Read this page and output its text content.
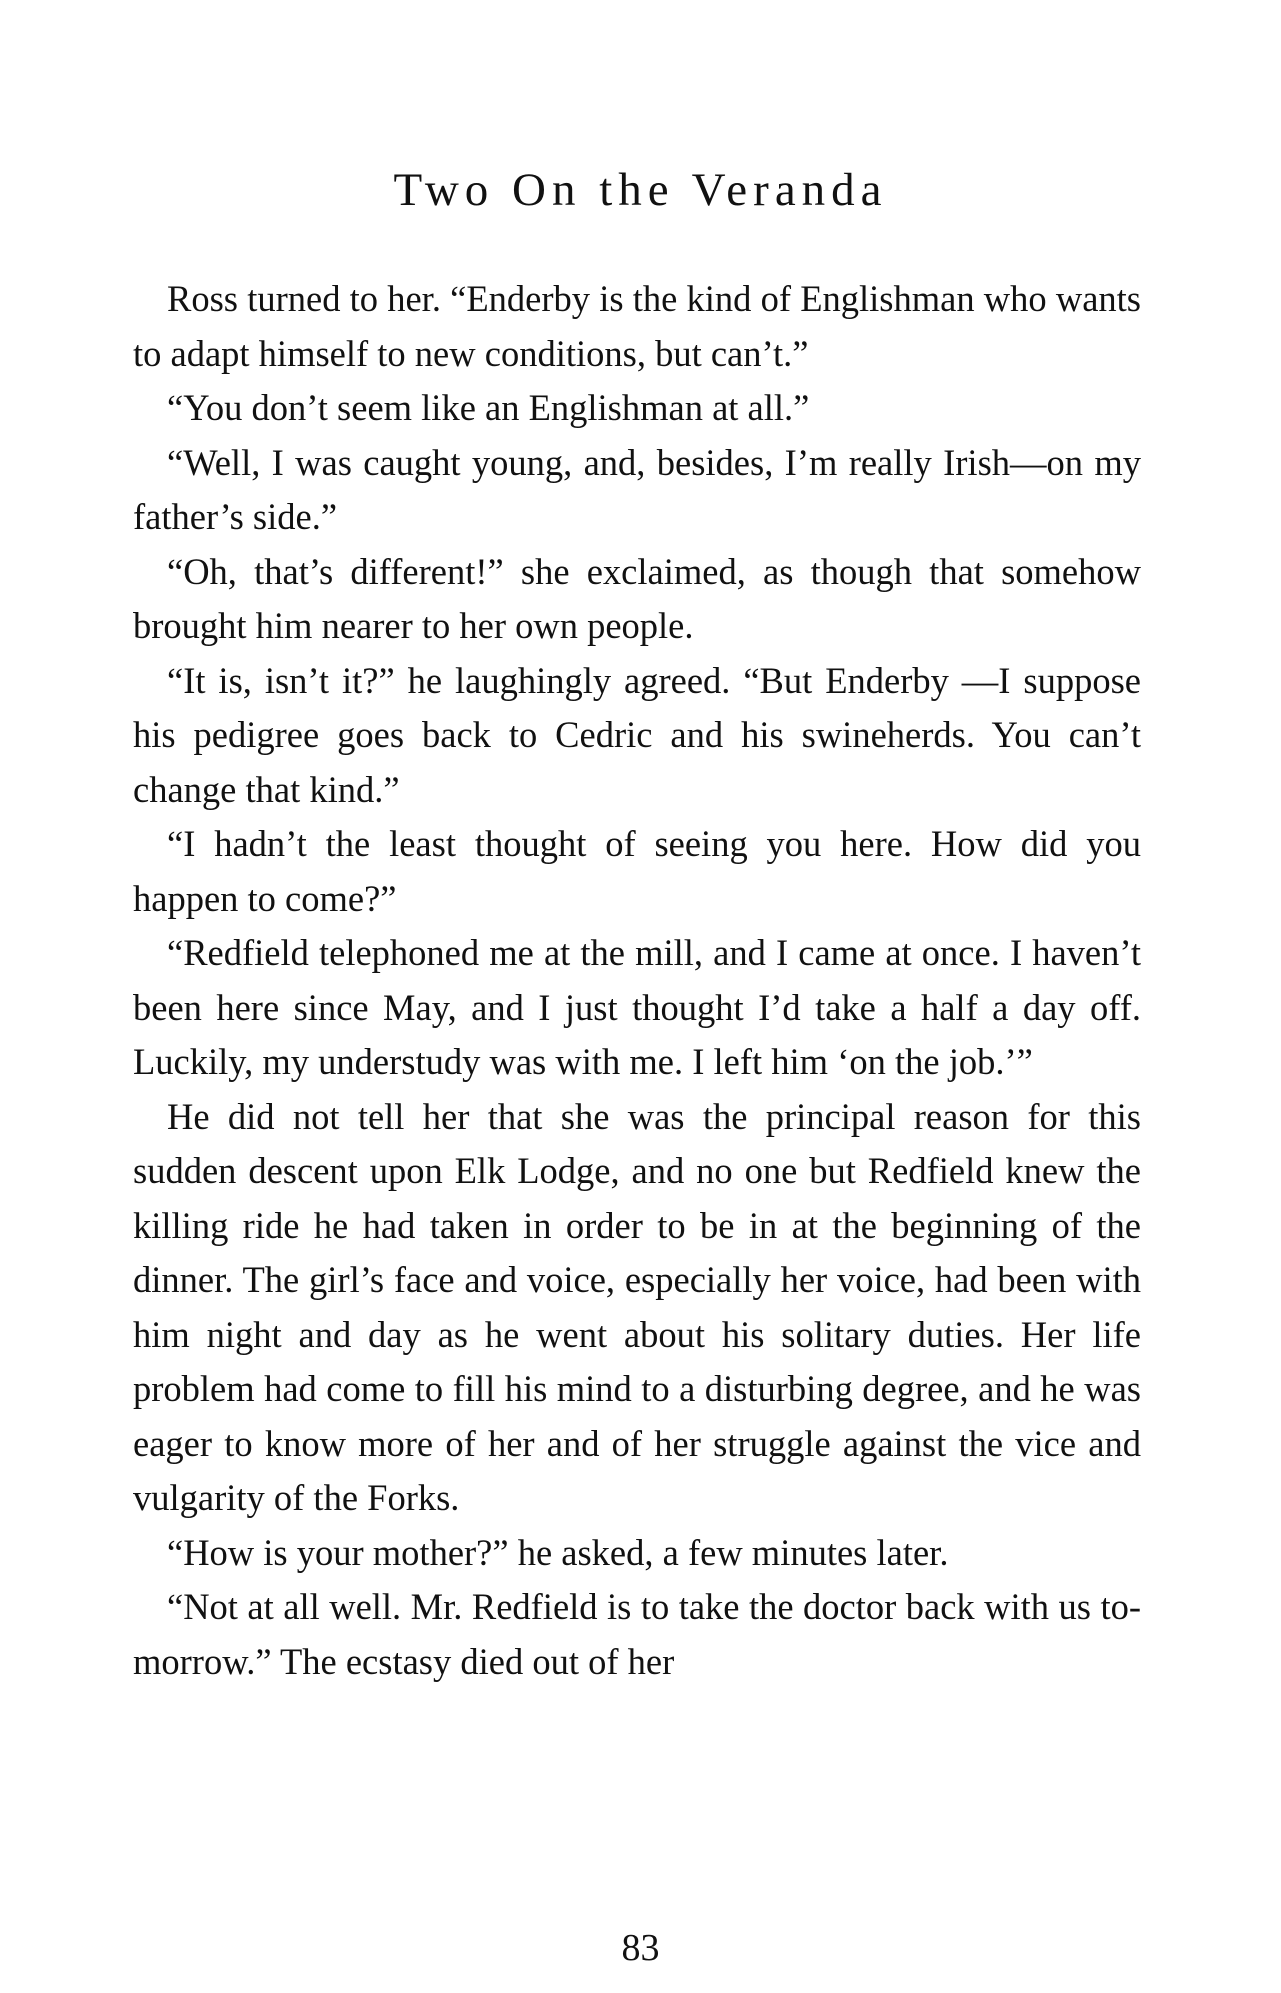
Two On the Veranda

Ross turned to her. “Enderby is the kind of Englishman who wants to adapt himself to new conditions, but can’t.”

“You don’t seem like an Englishman at all.”

“Well, I was caught young, and, besides, I’m really Irish—on my father’s side.”

“Oh, that’s different!” she exclaimed, as though that somehow brought him nearer to her own people.

“It is, isn’t it?” he laughingly agreed. “But Enderby —I suppose his pedigree goes back to Cedric and his swineherds. You can’t change that kind.”

“I hadn’t the least thought of seeing you here. How did you happen to come?”

“Redfield telephoned me at the mill, and I came at once. I haven’t been here since May, and I just thought I’d take a half a day off. Luckily, my understudy was with me. I left him ‘on the job.’”

He did not tell her that she was the principal reason for this sudden descent upon Elk Lodge, and no one but Redfield knew the killing ride he had taken in order to be in at the beginning of the dinner. The girl’s face and voice, especially her voice, had been with him night and day as he went about his solitary duties. Her life problem had come to fill his mind to a disturbing degree, and he was eager to know more of her and of her struggle against the vice and vulgarity of the Forks.

“How is your mother?” he asked, a few minutes later.

“Not at all well. Mr. Redfield is to take the doctor back with us to-morrow.” The ecstasy died out of her

83
